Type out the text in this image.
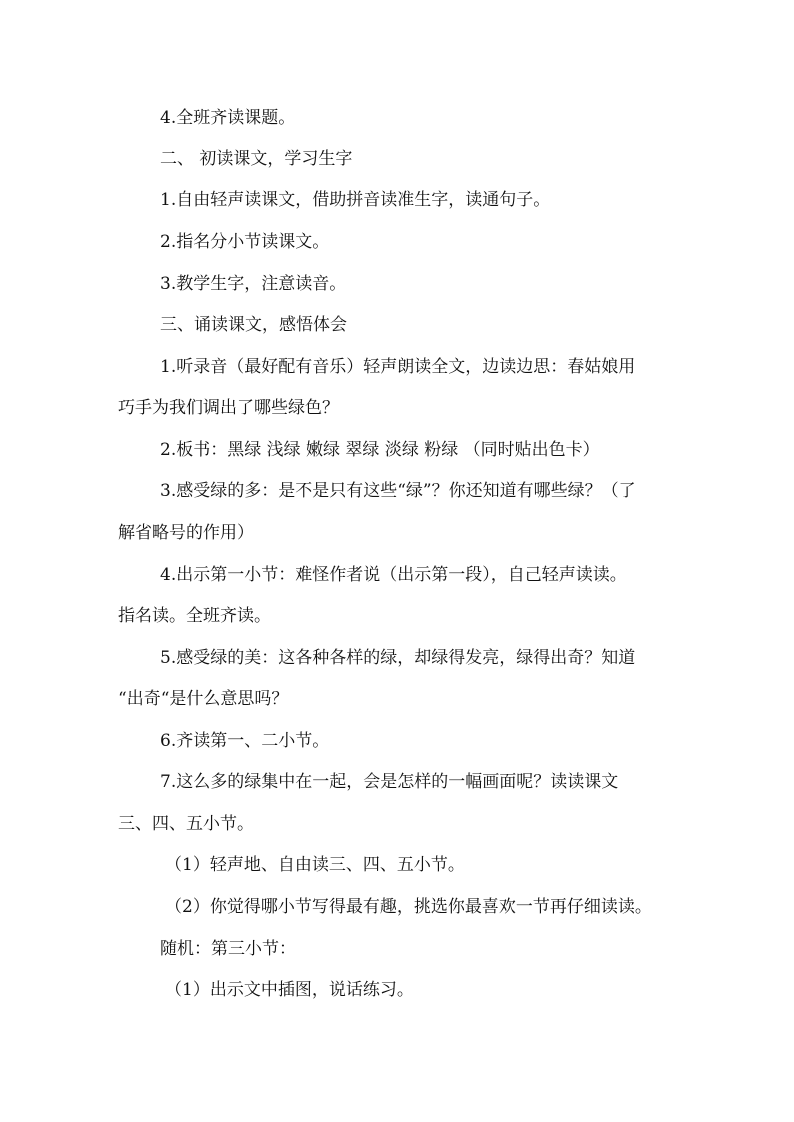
4.全班齐读课题。
二、 初读课文，学习生字
1.自由轻声读课文，借助拼音读准生字，读通句子。
2.指名分小节读课文。
3.教学生字，注意读音。
三、诵读课文，感悟体会
1.听录音（最好配有音乐）轻声朗读全文，边读边思：春姑娘用
巧手为我们调出了哪些绿色？
2.板书：黑绿 浅绿 嫩绿 翠绿 淡绿 粉绿 （同时贴出色卡）
3.感受绿的多：是不是只有这些“绿”？你还知道有哪些绿？（了
解省略号的作用）
4.出示第一小节：难怪作者说（出示第一段），自己轻声读读。
指名读。全班齐读。
5.感受绿的美：这各种各样的绿，却绿得发亮，绿得出奇？知道
“出奇“是什么意思吗？
6.齐读第一、二小节。
7.这么多的绿集中在一起，会是怎样的一幅画面呢？读读课文
三、四、五小节。
（1）轻声地、自由读三、四、五小节。
（2）你觉得哪小节写得最有趣，挑选你最喜欢一节再仔细读读。
随机：第三小节：
（1）出示文中插图，说话练习。
